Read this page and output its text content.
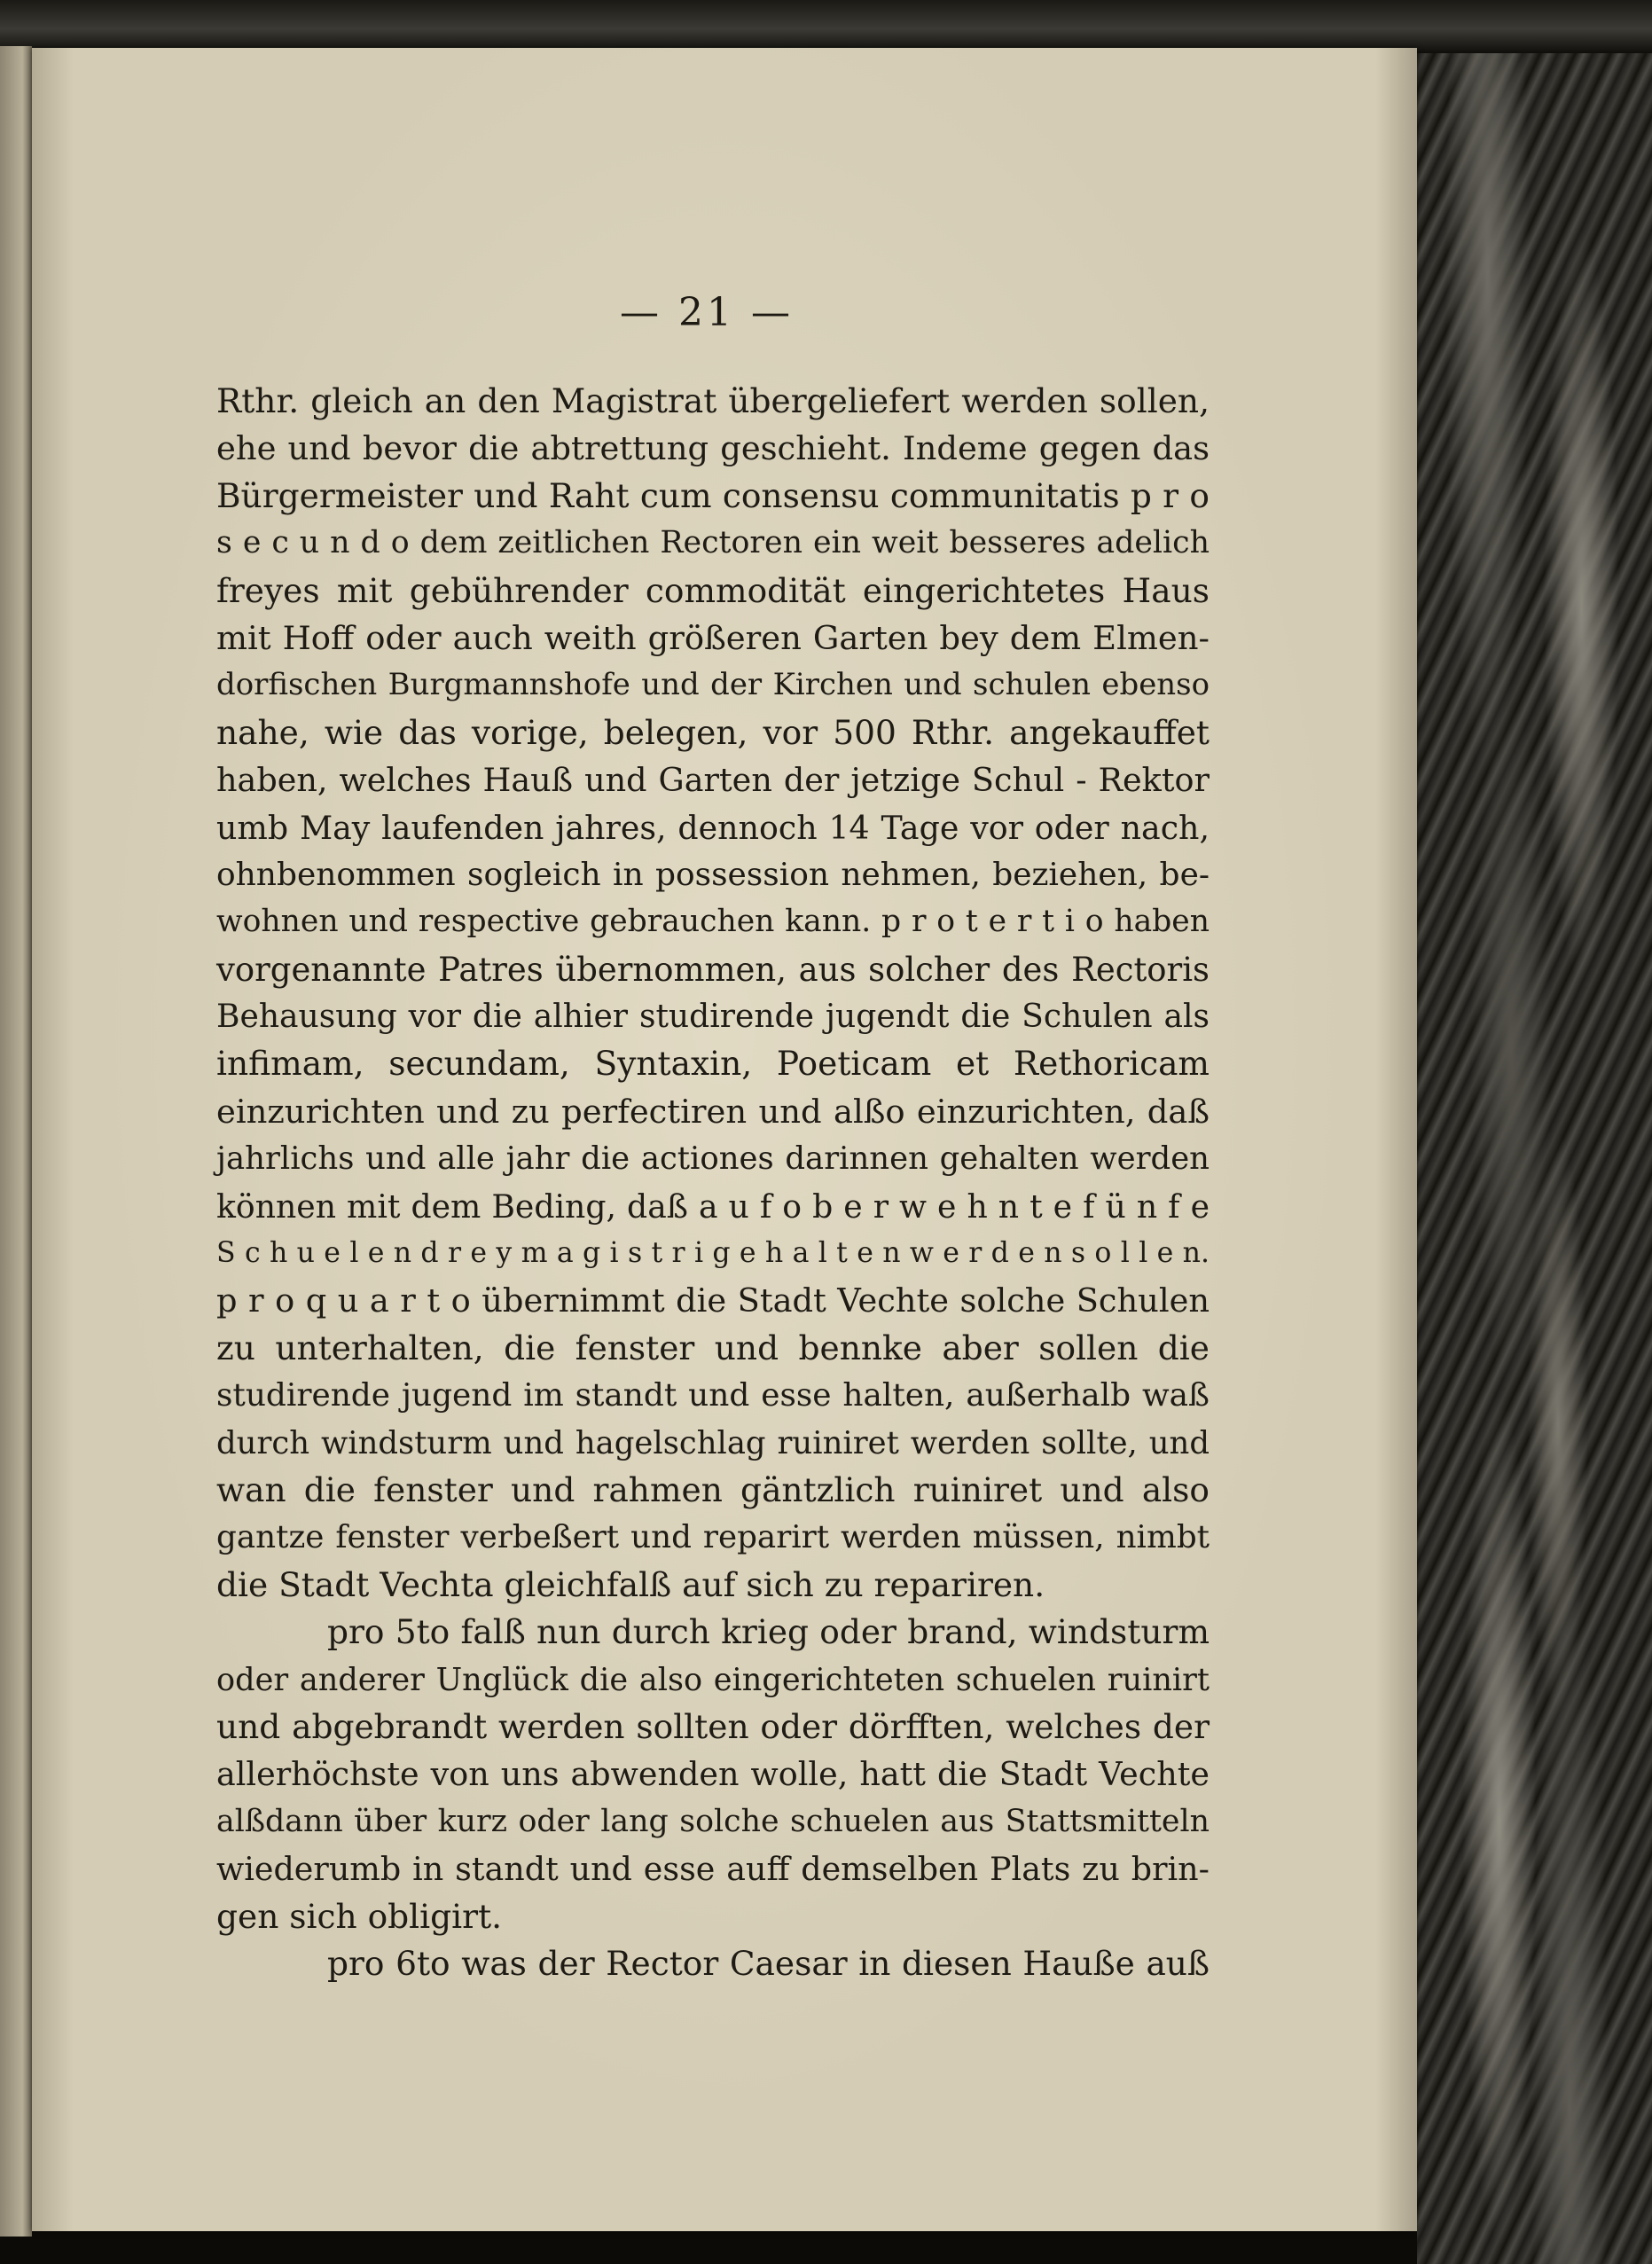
— 21 —
Rthr. gleich an den Magistrat übergeliefert werden sollen,
ehe und bevor die abtrettung geschieht. Indeme gegen das
Bürgermeister und Raht cum consensu communitatis p r o
s e c u n d o dem zeitlichen Rectoren ein weit besseres adelich
freyes mit gebührender commodität eingerichtetes Haus
mit Hoff oder auch weith größeren Garten bey dem Elmen-
dorfischen Burgmannshofe und der Kirchen und schulen ebenso
nahe, wie das vorige, belegen, vor 500 Rthr. angekauffet
haben, welches Hauß und Garten der jetzige Schul - Rektor
umb May laufenden jahres, dennoch 14 Tage vor oder nach,
ohnbenommen sogleich in possession nehmen, beziehen, be-
wohnen und respective gebrauchen kann. p r o t e r t i o haben
vorgenannte Patres übernommen, aus solcher des Rectoris
Behausung vor die alhier studirende jugendt die Schulen als
infimam, secundam, Syntaxin, Poeticam et Rethoricam
einzurichten und zu perfectiren und alßo einzurichten, daß
jahrlichs und alle jahr die actiones darinnen gehalten werden
können mit dem Beding, daß a u f o b e r w e h n t e f ü n f e
S c h u e l e n d r e y m a g i s t r i g e h a l t e n w e r d e n s o l l e n.
p r o q u a r t o übernimmt die Stadt Vechte solche Schulen
zu unterhalten, die fenster und bennke aber sollen die
studirende jugend im standt und esse halten, außerhalb waß
durch windsturm und hagelschlag ruiniret werden sollte, und
wan die fenster und rahmen gäntzlich ruiniret und also
gantze fenster verbeßert und reparirt werden müssen, nimbt
die Stadt Vechta gleichfalß auf sich zu repariren.
pro 5to falß nun durch krieg oder brand, windsturm
oder anderer Unglück die also eingerichteten schuelen ruinirt
und abgebrandt werden sollten oder dörfften, welches der
allerhöchste von uns abwenden wolle, hatt die Stadt Vechte
alßdann über kurz oder lang solche schuelen aus Stattsmitteln
wiederumb in standt und esse auff demselben Plats zu brin-
gen sich obligirt.
pro 6to was der Rector Caesar in diesen Hauße auß
